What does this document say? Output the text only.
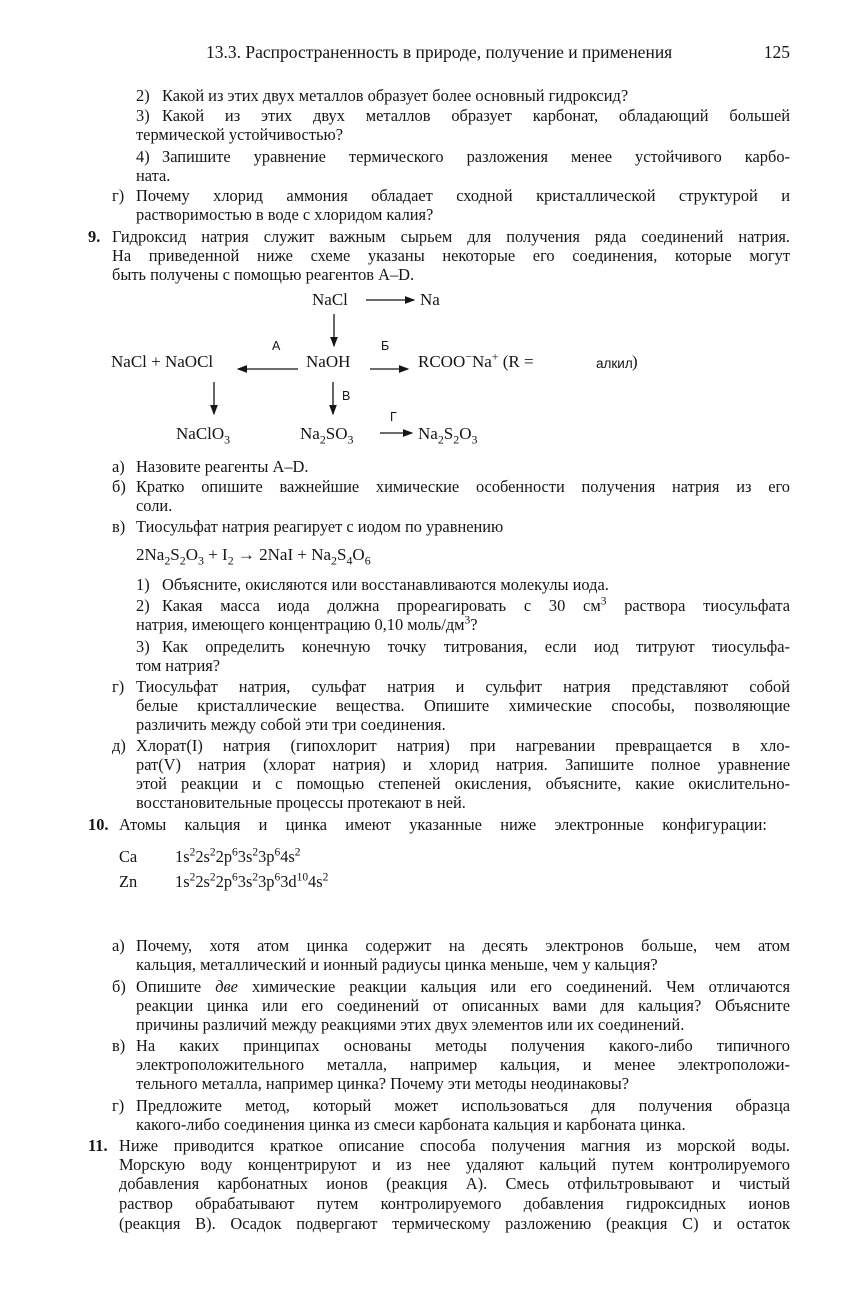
13.3. Распространенность в природе, получение и применения	125
2) Какой из этих двух металлов образует более основный гидроксид?
3) Какой из этих двух металлов образует карбонат, обладающий большей
термической устойчивостью?
4) Запишите уравнение термического разложения менее устойчивого карбо-
ната.
г) Почему хлорид аммония обладает сходной кристаллической структурой и
растворимостью в воде с хлоридом калия?
9. Гидроксид натрия служит важным сырьем для получения ряда соединений натрия.
На приведенной ниже схеме указаны некоторые его соединения, которые могут
быть получены с помощью реагентов А–D.
NaCl	Na
NaCl + NaOCl	NaOH	RCOO−Na+ (R =	алкил )
А	Б
В
Г
NaClO$_3$	$Na_2SO_3$	$Na_2S_2O_3$
а) Назовите реагенты A–D.
б) Кратко опишите важнейшие химические особенности получения натрия из его
соли.
в) Тиосульфат натрия реагирует с иодом по уравнению
$2Na_2S_2O_3 + I_2 \to 2NaI + Na_2S_4O_6$
1) Объясните, окисляются или восстанавливаются молекулы иода.
2) Какая масса иода должна прореагировать с 30 $см^3$ раствора тиосульфата
натрия, имеющего концентрацию 0,10 моль/$дм^3$?
3) Как определить конечную точку титрования, если иод титруют тиосульфа-
том натрия?
г) Тиосульфат натрия, сульфат натрия и сульфит натрия представляют собой
белые кристаллические вещества. Опишите химические способы, позволяющие
различить между собой эти три соединения.
д) Хлорат(I) натрия (гипохлорит натрия) при нагревании превращается в хло-
рат(V) натрия (хлорат натрия) и хлорид натрия. Запишите полное уравнение
этой реакции и с помощью степеней окисления, объясните, какие окислительно-
восстановительные процессы протекают в ней.
10. Атомы кальция и цинка имеют указанные ниже электронные конфигурации:
Ca $1s^22s^22p^63s^23p^64s^2$
Zn $1s^22s^22p^63s^23p^63d^{10}4s^2$
а) Почему, хотя атом цинка содержит на десять электронов больше, чем атом
кальция, металлический и ионный радиусы цинка меньше, чем у кальция?
б) Опишите две химические реакции кальция или его соединений. Чем отличаются
реакции цинка или его соединений от описанных вами для кальция? Объясните
причины различий между реакциями этих двух элементов или их соединений.
в) На каких принципах основаны методы получения какого-либо типичного
электроположительного металла, например кальция, и менее электроположи-
тельного металла, например цинка? Почему эти методы неодинаковы?
г) Предложите метод, который может использоваться для получения образца
какого-либо соединения цинка из смеси карбоната кальция и карбоната цинка.
11. Ниже приводится краткое описание способа получения магния из морской воды.
Морскую воду концентрируют и из нее удаляют кальций путем контролируемого
добавления карбонатных ионов (реакция А). Смесь отфильтровывают и чистый
раствор обрабатывают путем контролируемого добавления гидроксидных ионов
(реакция В). Осадок подвергают термическому разложению (реакция С) и остаток
